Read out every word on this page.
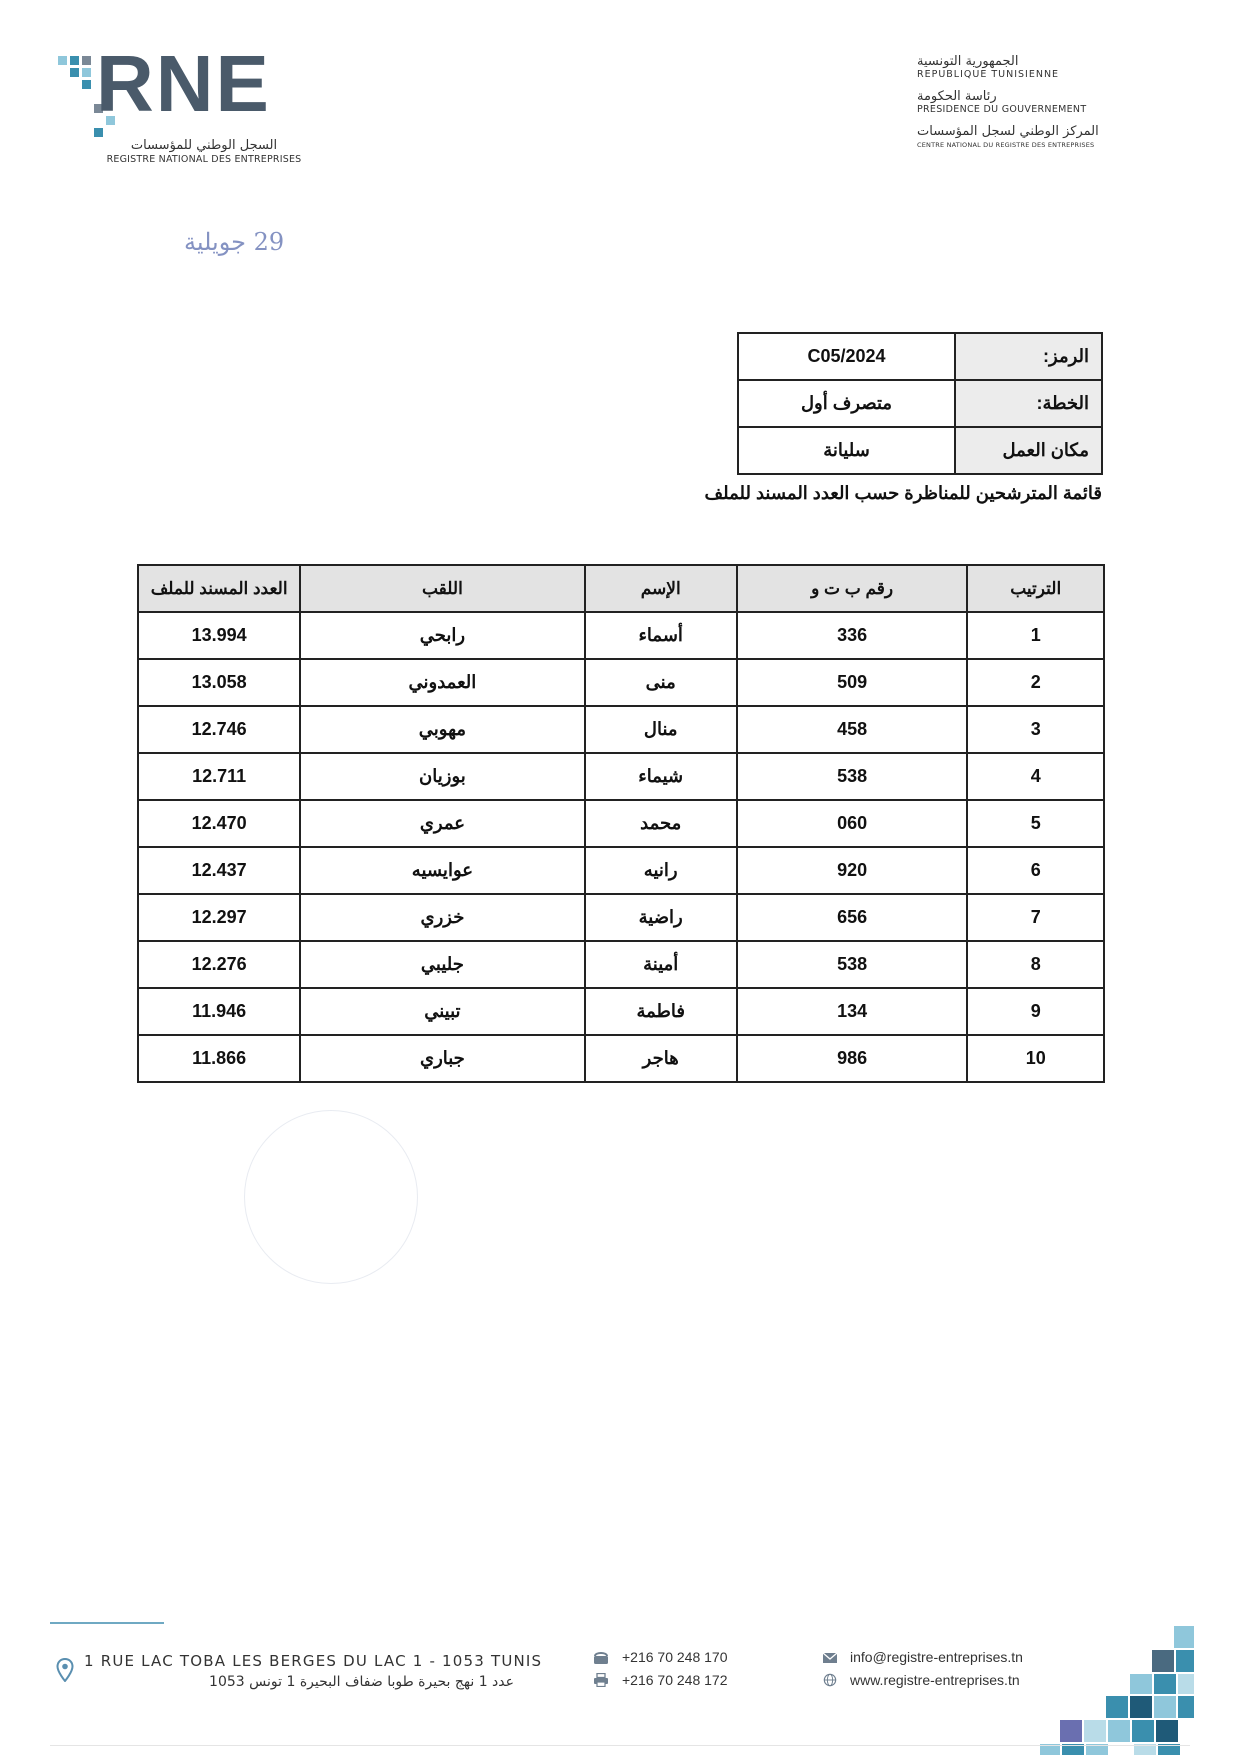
RNE
السجل الوطني للمؤسسات
REGISTRE NATIONAL DES ENTREPRISES
الجمهورية التونسية
REPUBLIQUE TUNISIENNE
رئاسة الحكومة
PRESIDENCE DU GOUVERNEMENT
المركز الوطني لسجل المؤسسات
CENTRE NATIONAL DU REGISTRE DES ENTREPRISES
29 جويلية
الرمز:	C05/2024
الخطة:	متصرف أول
مكان العمل	سليانة
قائمة المترشحين للمناظرة حسب العدد المسند للملف
الترتيب	رقم ب ت و	الإسم	اللقب	العدد المسند للملف
1	336	أسماء	رابحي	13.994
2	509	منى	العمدوني	13.058
3	458	منال	مهوبي	12.746
4	538	شيماء	بوزيان	12.711
5	060	محمد	عمري	12.470
6	920	رانيه	عوايسيه	12.437
7	656	راضية	خزري	12.297
8	538	أمينة	جليبي	12.276
9	134	فاطمة	تبيني	11.946
10	986	هاجر	جباري	11.866
1 RUE LAC TOBA LES BERGES DU LAC 1 - 1053 TUNIS
عدد 1 نهج بحيرة طوبا ضفاف البحيرة 1 تونس 1053
+216 70 248 170
+216 70 248 172
info@registre-entreprises.tn
www.registre-entreprises.tn
